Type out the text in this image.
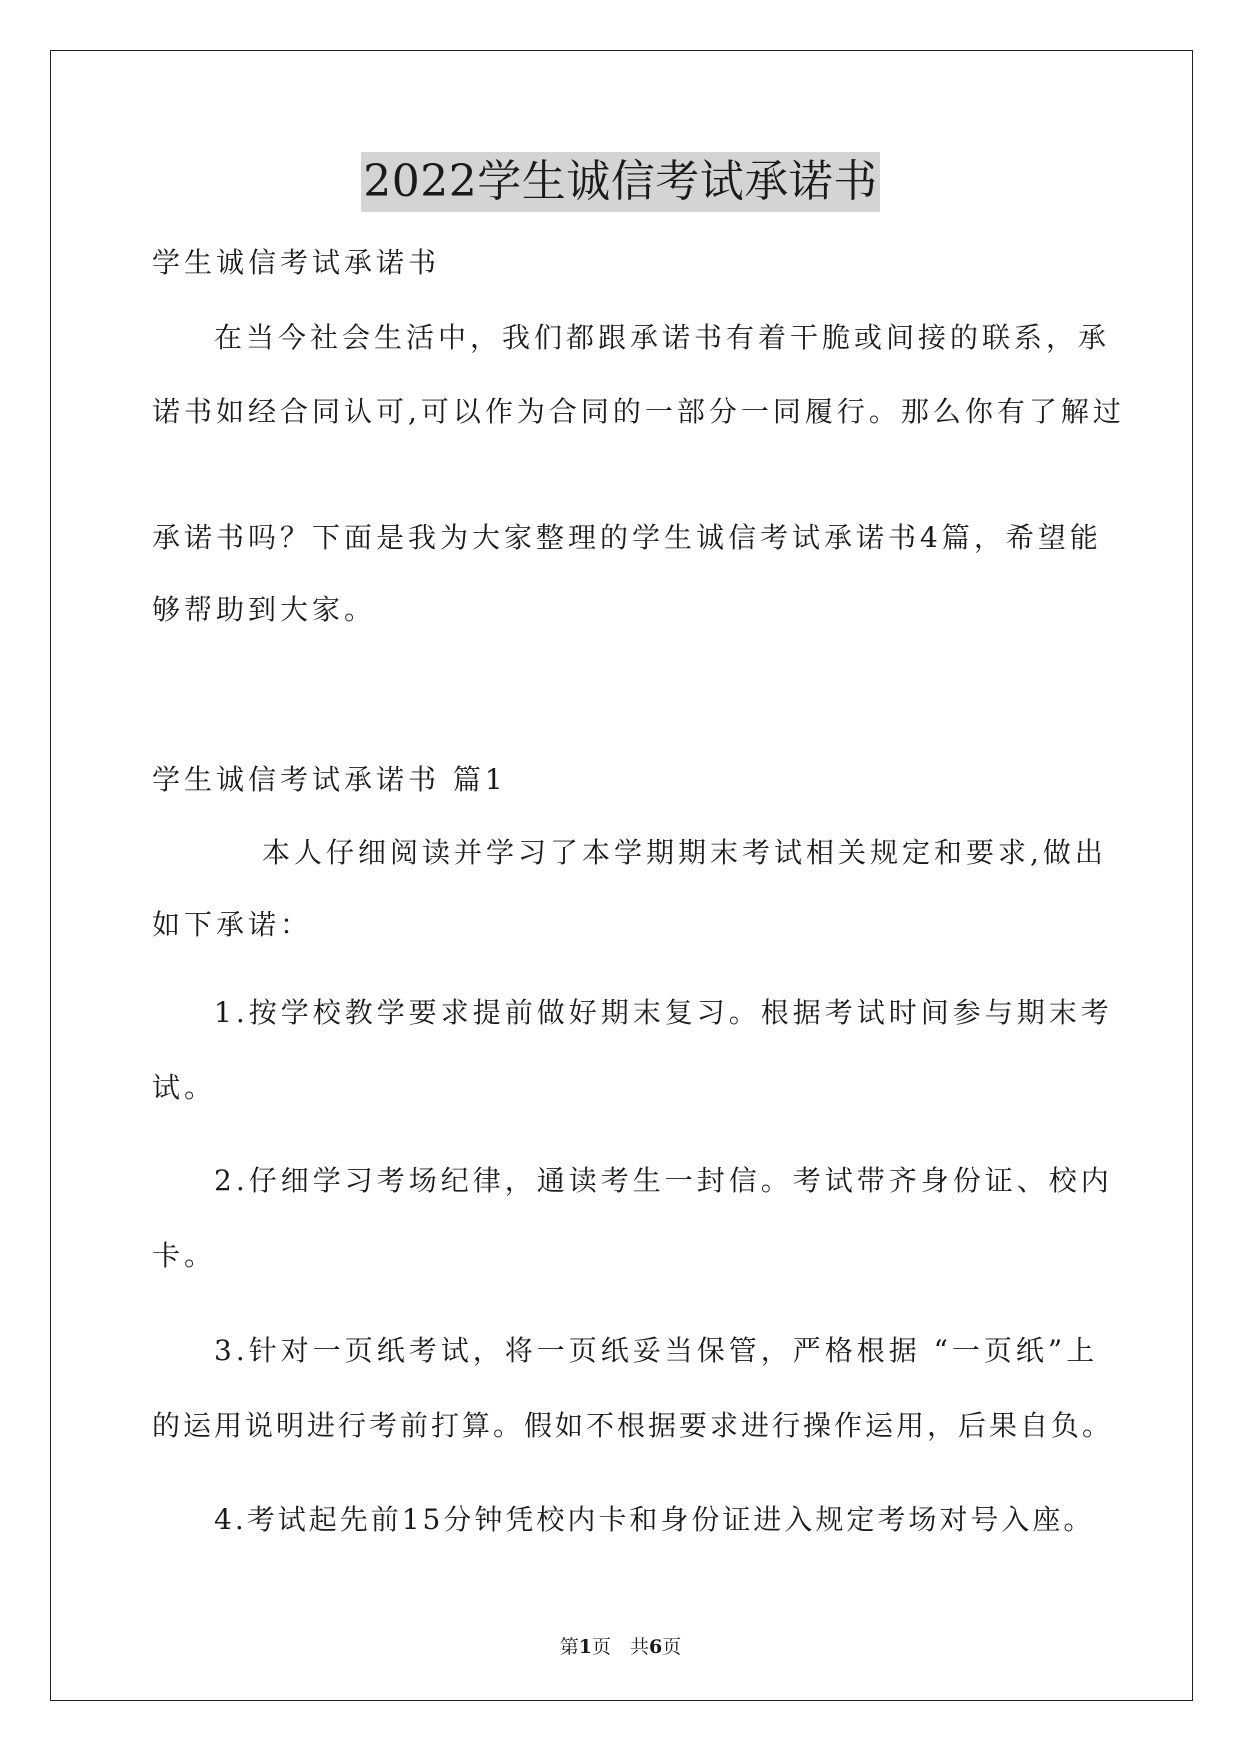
2022学生诚信考试承诺书
学生诚信考试承诺书
在当今社会生活中，我们都跟承诺书有着干脆或间接的联系，承
诺书如经合同认可,可以作为合同的一部分一同履行。那么你有了解过
承诺书吗？下面是我为大家整理的学生诚信考试承诺书4篇，希望能
够帮助到大家。
学生诚信考试承诺书 篇1
本人仔细阅读并学习了本学期期末考试相关规定和要求,做出
如下承诺：
1.按学校教学要求提前做好期末复习。根据考试时间参与期末考
试。
2.仔细学习考场纪律，通读考生一封信。考试带齐身份证、校内
卡。
3.针对一页纸考试，将一页纸妥当保管，严格根据 “一页纸”上
的运用说明进行考前打算。假如不根据要求进行操作运用，后果自负。
4.考试起先前15分钟凭校内卡和身份证进入规定考场对号入座。
第1页　共6页
